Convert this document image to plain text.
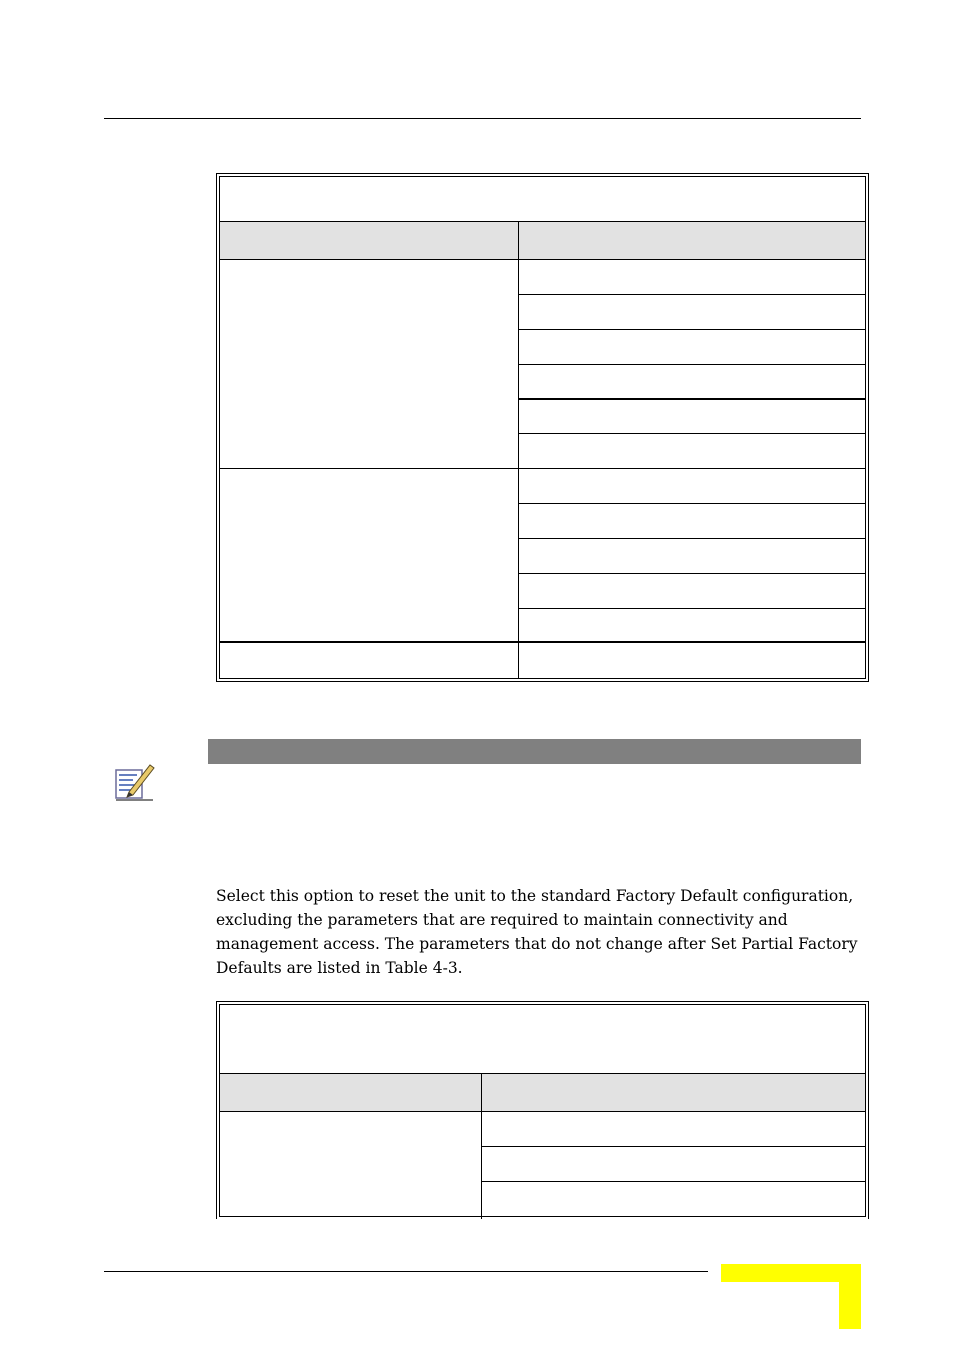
Select this option to reset the unit to the standard Factory Default configuration, excluding the parameters that are required to maintain connectivity and management access. The parameters that do not change after Set Partial Factory Defaults are listed in Table 4-3.
